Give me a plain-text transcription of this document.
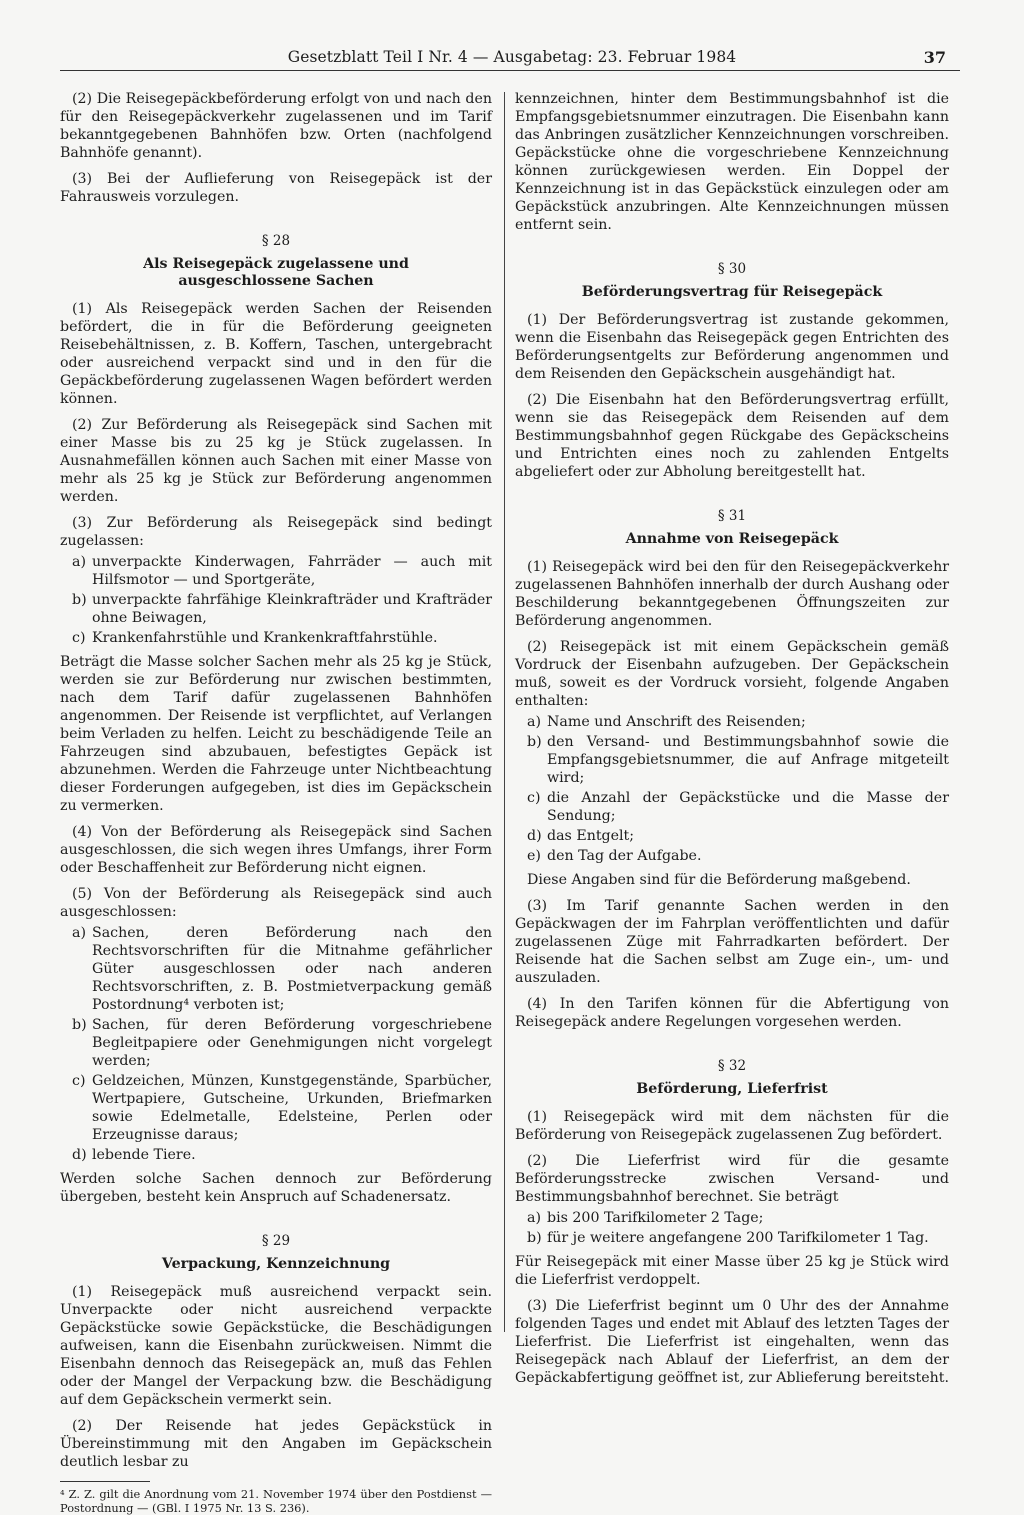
Gesetzblatt Teil I Nr. 4 — Ausgabetag: 23. Februar 1984	37

(2) Die Reisegepäckbeförderung erfolgt von und nach den für den Reisegepäckverkehr zugelassenen und im Tarif bekanntgegebenen Bahnhöfen bzw. Orten (nachfolgend Bahnhöfe genannt).

(3) Bei der Auflieferung von Reisegepäck ist der Fahrausweis vorzulegen.

§ 28
Als Reisegepäck zugelassene und
ausgeschlossene Sachen

(1) Als Reisegepäck werden Sachen der Reisenden befördert, die in für die Beförderung geeigneten Reisebehältnissen, z. B. Koffern, Taschen, untergebracht oder ausreichend verpackt sind und in den für die Gepäckbeförderung zugelassenen Wagen befördert werden können.

(2) Zur Beförderung als Reisegepäck sind Sachen mit einer Masse bis zu 25 kg je Stück zugelassen. In Ausnahmefällen können auch Sachen mit einer Masse von mehr als 25 kg je Stück zur Beförderung angenommen werden.

(3) Zur Beförderung als Reisegepäck sind bedingt zugelassen:

a) unverpackte Kinderwagen, Fahrräder — auch mit Hilfsmotor — und Sportgeräte,
b) unverpackte fahrfähige Kleinkrafträder und Krafträder ohne Beiwagen,
c) Krankenfahrstühle und Krankenkraftfahrstühle.

Beträgt die Masse solcher Sachen mehr als 25 kg je Stück, werden sie zur Beförderung nur zwischen bestimmten, nach dem Tarif dafür zugelassenen Bahnhöfen angenommen. Der Reisende ist verpflichtet, auf Verlangen beim Verladen zu helfen. Leicht zu beschädigende Teile an Fahrzeugen sind abzubauen, befestigtes Gepäck ist abzunehmen. Werden die Fahrzeuge unter Nichtbeachtung dieser Forderungen aufgegeben, ist dies im Gepäckschein zu vermerken.

(4) Von der Beförderung als Reisegepäck sind Sachen ausgeschlossen, die sich wegen ihres Umfangs, ihrer Form oder Beschaffenheit zur Beförderung nicht eignen.

(5) Von der Beförderung als Reisegepäck sind auch ausgeschlossen:

a) Sachen, deren Beförderung nach den Rechtsvorschriften für die Mitnahme gefährlicher Güter ausgeschlossen oder nach anderen Rechtsvorschriften, z. B. Postmietverpackung gemäß Postordnung⁴ verboten ist;
b) Sachen, für deren Beförderung vorgeschriebene Begleitpapiere oder Genehmigungen nicht vorgelegt werden;
c) Geldzeichen, Münzen, Kunstgegenstände, Sparbücher, Wertpapiere, Gutscheine, Urkunden, Briefmarken sowie Edelmetalle, Edelsteine, Perlen oder Erzeugnisse daraus;
d) lebende Tiere.

Werden solche Sachen dennoch zur Beförderung übergeben, besteht kein Anspruch auf Schadenersatz.

§ 29
Verpackung, Kennzeichnung

(1) Reisegepäck muß ausreichend verpackt sein. Unverpackte oder nicht ausreichend verpackte Gepäckstücke sowie Gepäckstücke, die Beschädigungen aufweisen, kann die Eisenbahn zurückweisen. Nimmt die Eisenbahn dennoch das Reisegepäck an, muß das Fehlen oder der Mangel der Verpackung bzw. die Beschädigung auf dem Gepäckschein vermerkt sein.

(2) Der Reisende hat jedes Gepäckstück in Übereinstimmung mit den Angaben im Gepäckschein deutlich lesbar zu

⁴ Z. Z. gilt die Anordnung vom 21. November 1974 über den Postdienst — Postordnung — (GBl. I 1975 Nr. 13 S. 236).

kennzeichnen, hinter dem Bestimmungsbahnhof ist die Empfangsgebietsnummer einzutragen. Die Eisenbahn kann das Anbringen zusätzlicher Kennzeichnungen vorschreiben. Gepäckstücke ohne die vorgeschriebene Kennzeichnung können zurückgewiesen werden. Ein Doppel der Kennzeichnung ist in das Gepäckstück einzulegen oder am Gepäckstück anzubringen. Alte Kennzeichnungen müssen entfernt sein.

§ 30
Beförderungsvertrag für Reisegepäck

(1) Der Beförderungsvertrag ist zustande gekommen, wenn die Eisenbahn das Reisegepäck gegen Entrichten des Beförderungsentgelts zur Beförderung angenommen und dem Reisenden den Gepäckschein ausgehändigt hat.

(2) Die Eisenbahn hat den Beförderungsvertrag erfüllt, wenn sie das Reisegepäck dem Reisenden auf dem Bestimmungsbahnhof gegen Rückgabe des Gepäckscheins und Entrichten eines noch zu zahlenden Entgelts abgeliefert oder zur Abholung bereitgestellt hat.

§ 31
Annahme von Reisegepäck

(1) Reisegepäck wird bei den für den Reisegepäckverkehr zugelassenen Bahnhöfen innerhalb der durch Aushang oder Beschilderung bekanntgegebenen Öffnungszeiten zur Beförderung angenommen.

(2) Reisegepäck ist mit einem Gepäckschein gemäß Vordruck der Eisenbahn aufzugeben. Der Gepäckschein muß, soweit es der Vordruck vorsieht, folgende Angaben enthalten:

a) Name und Anschrift des Reisenden;
b) den Versand- und Bestimmungsbahnhof sowie die Empfangsgebietsnummer, die auf Anfrage mitgeteilt wird;
c) die Anzahl der Gepäckstücke und die Masse der Sendung;
d) das Entgelt;
e) den Tag der Aufgabe.

Diese Angaben sind für die Beförderung maßgebend.

(3) Im Tarif genannte Sachen werden in den Gepäckwagen der im Fahrplan veröffentlichten und dafür zugelassenen Züge mit Fahrradkarten befördert. Der Reisende hat die Sachen selbst am Zuge ein-, um- und auszuladen.

(4) In den Tarifen können für die Abfertigung von Reisegepäck andere Regelungen vorgesehen werden.

§ 32
Beförderung, Lieferfrist

(1) Reisegepäck wird mit dem nächsten für die Beförderung von Reisegepäck zugelassenen Zug befördert.

(2) Die Lieferfrist wird für die gesamte Beförderungsstrecke zwischen Versand- und Bestimmungsbahnhof berechnet. Sie beträgt

a) bis 200 Tarifkilometer 2 Tage;
b) für je weitere angefangene 200 Tarifkilometer 1 Tag.

Für Reisegepäck mit einer Masse über 25 kg je Stück wird die Lieferfrist verdoppelt.

(3) Die Lieferfrist beginnt um 0 Uhr des der Annahme folgenden Tages und endet mit Ablauf des letzten Tages der Lieferfrist. Die Lieferfrist ist eingehalten, wenn das Reisegepäck nach Ablauf der Lieferfrist, an dem der Gepäckabfertigung geöffnet ist, zur Ablieferung bereitsteht.
